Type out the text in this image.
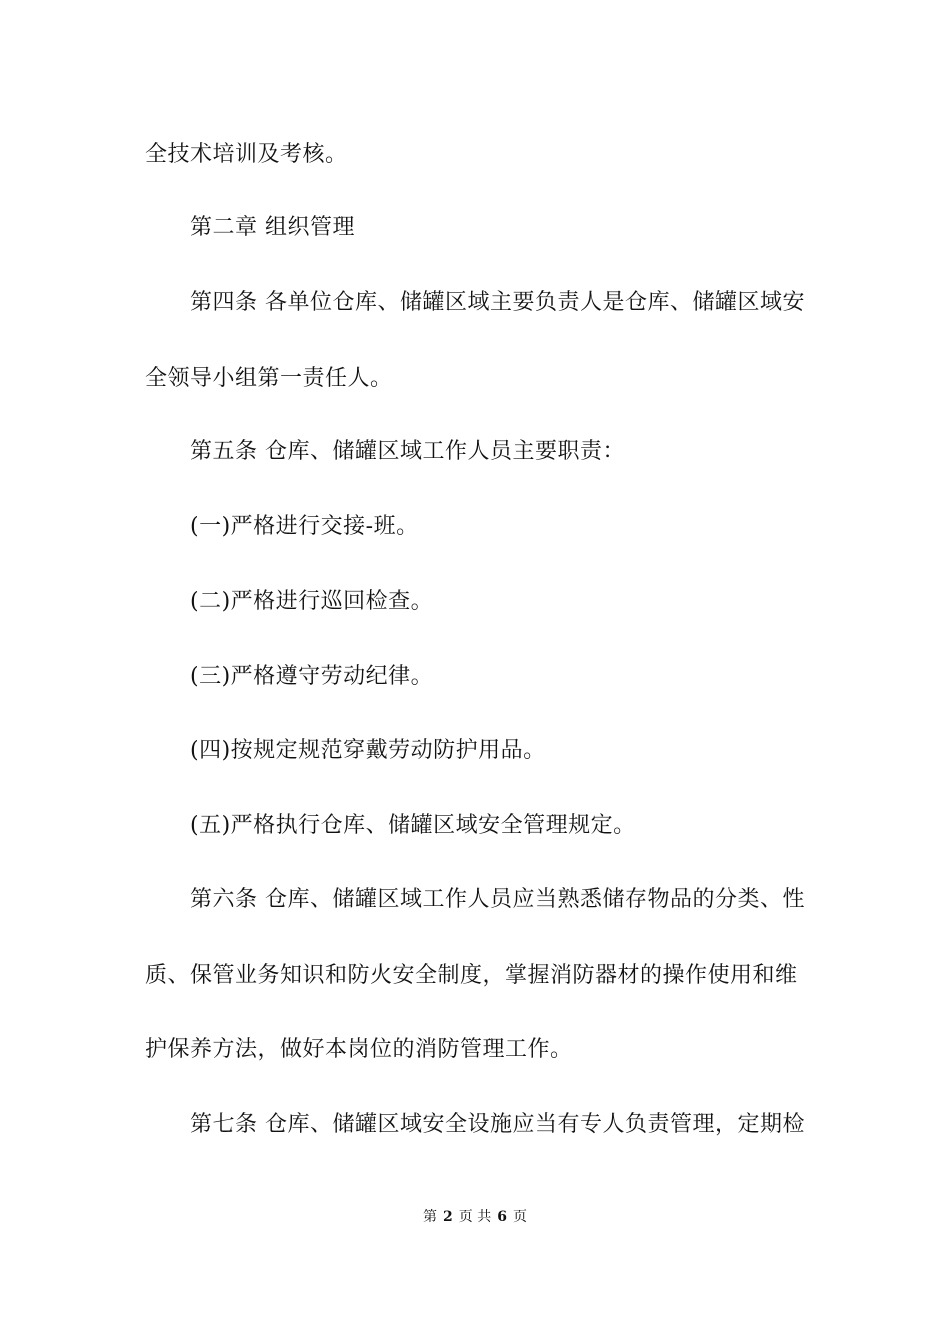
全技术培训及考核。
第二章 组织管理
第四条 各单位仓库、储罐区域主要负责人是仓库、储罐区域安
全领导小组第一责任人。
第五条 仓库、储罐区域工作人员主要职责：
(一)严格进行交接-班。
(二)严格进行巡回检查。
(三)严格遵守劳动纪律。
(四)按规定规范穿戴劳动防护用品。
(五)严格执行仓库、储罐区域安全管理规定。
第六条 仓库、储罐区域工作人员应当熟悉储存物品的分类、性
质、保管业务知识和防火安全制度，掌握消防器材的操作使用和维
护保养方法，做好本岗位的消防管理工作。
第七条 仓库、储罐区域安全设施应当有专人负责管理，定期检
第 2 页 共 6 页
